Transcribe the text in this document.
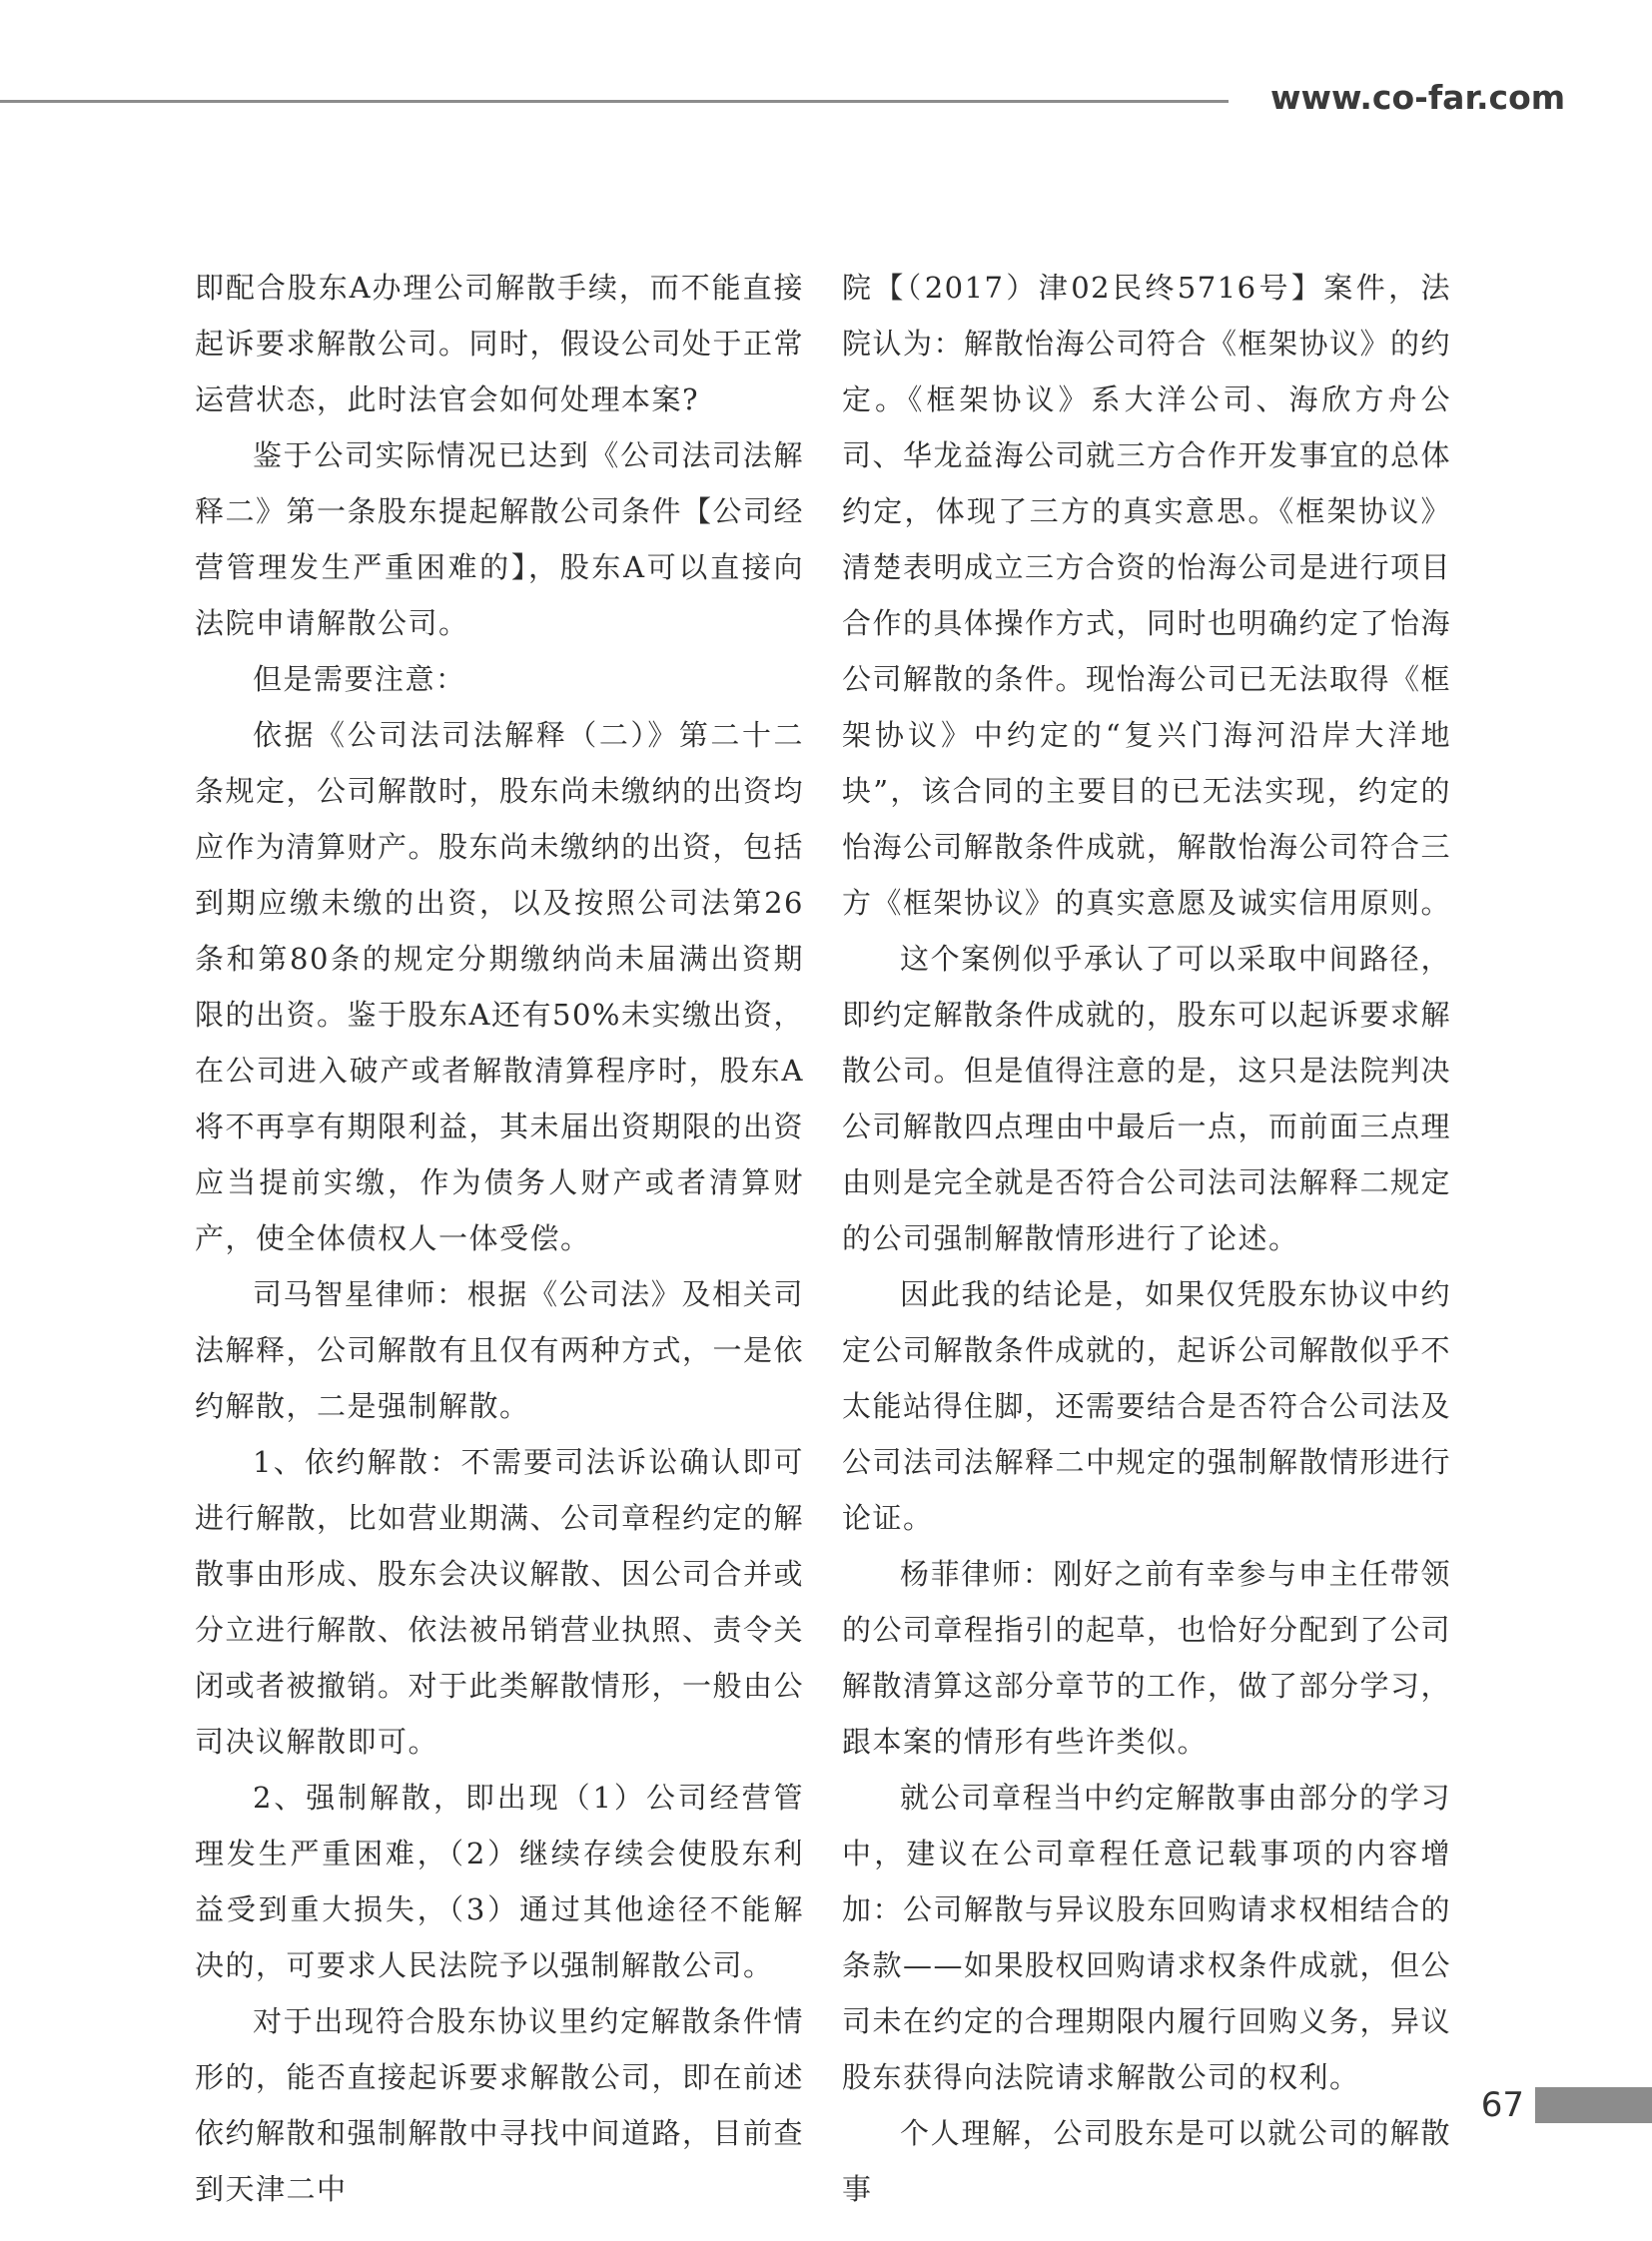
www.co-far.com

即配合股东A办理公司解散手续，而不能直接起诉要求解散公司。同时，假设公司处于正常运营状态，此时法官会如何处理本案?

鉴于公司实际情况已达到《公司法司法解释二》第一条股东提起解散公司条件【公司经营管理发生严重困难的】，股东A可以直接向法院申请解散公司。

但是需要注意：

依据《公司法司法解释（二）》第二十二条规定，公司解散时，股东尚未缴纳的出资均应作为清算财产。股东尚未缴纳的出资，包括到期应缴未缴的出资，以及按照公司法第26条和第80条的规定分期缴纳尚未届满出资期限的出资。鉴于股东A还有50%未实缴出资，在公司进入破产或者解散清算程序时，股东A将不再享有期限利益，其未届出资期限的出资应当提前实缴，作为债务人财产或者清算财产，使全体债权人一体受偿。

司马智星律师：根据《公司法》及相关司法解释，公司解散有且仅有两种方式，一是依约解散，二是强制解散。

1、依约解散：不需要司法诉讼确认即可进行解散，比如营业期满、公司章程约定的解散事由形成、股东会决议解散、因公司合并或分立进行解散、依法被吊销营业执照、责令关闭或者被撤销。对于此类解散情形，一般由公司决议解散即可。

2、强制解散，即出现（1）公司经营管理发生严重困难，（2）继续存续会使股东利益受到重大损失，（3）通过其他途径不能解决的，可要求人民法院予以强制解散公司。

对于出现符合股东协议里约定解散条件情形的，能否直接起诉要求解散公司，即在前述依约解散和强制解散中寻找中间道路，目前查到天津二中

院【（2017）津02民终5716号】案件，法院认为：解散怡海公司符合《框架协议》的约定。《框架协议》系大洋公司、海欣方舟公司、华龙益海公司就三方合作开发事宜的总体约定，体现了三方的真实意思。《框架协议》清楚表明成立三方合资的怡海公司是进行项目合作的具体操作方式，同时也明确约定了怡海公司解散的条件。现怡海公司已无法取得《框架协议》中约定的“复兴门海河沿岸大洋地块”，该合同的主要目的已无法实现，约定的怡海公司解散条件成就，解散怡海公司符合三方《框架协议》的真实意愿及诚实信用原则。

这个案例似乎承认了可以采取中间路径，即约定解散条件成就的，股东可以起诉要求解散公司。但是值得注意的是，这只是法院判决公司解散四点理由中最后一点，而前面三点理由则是完全就是否符合公司法司法解释二规定的公司强制解散情形进行了论述。

因此我的结论是，如果仅凭股东协议中约定公司解散条件成就的，起诉公司解散似乎不太能站得住脚，还需要结合是否符合公司法及公司法司法解释二中规定的强制解散情形进行论证。

杨菲律师：刚好之前有幸参与申主任带领的公司章程指引的起草，也恰好分配到了公司解散清算这部分章节的工作，做了部分学习，跟本案的情形有些许类似。

就公司章程当中约定解散事由部分的学习中，建议在公司章程任意记载事项的内容增加：公司解散与异议股东回购请求权相结合的条款——如果股权回购请求权条件成就，但公司未在约定的合理期限内履行回购义务，异议股东获得向法院请求解散公司的权利。

个人理解，公司股东是可以就公司的解散事

67
